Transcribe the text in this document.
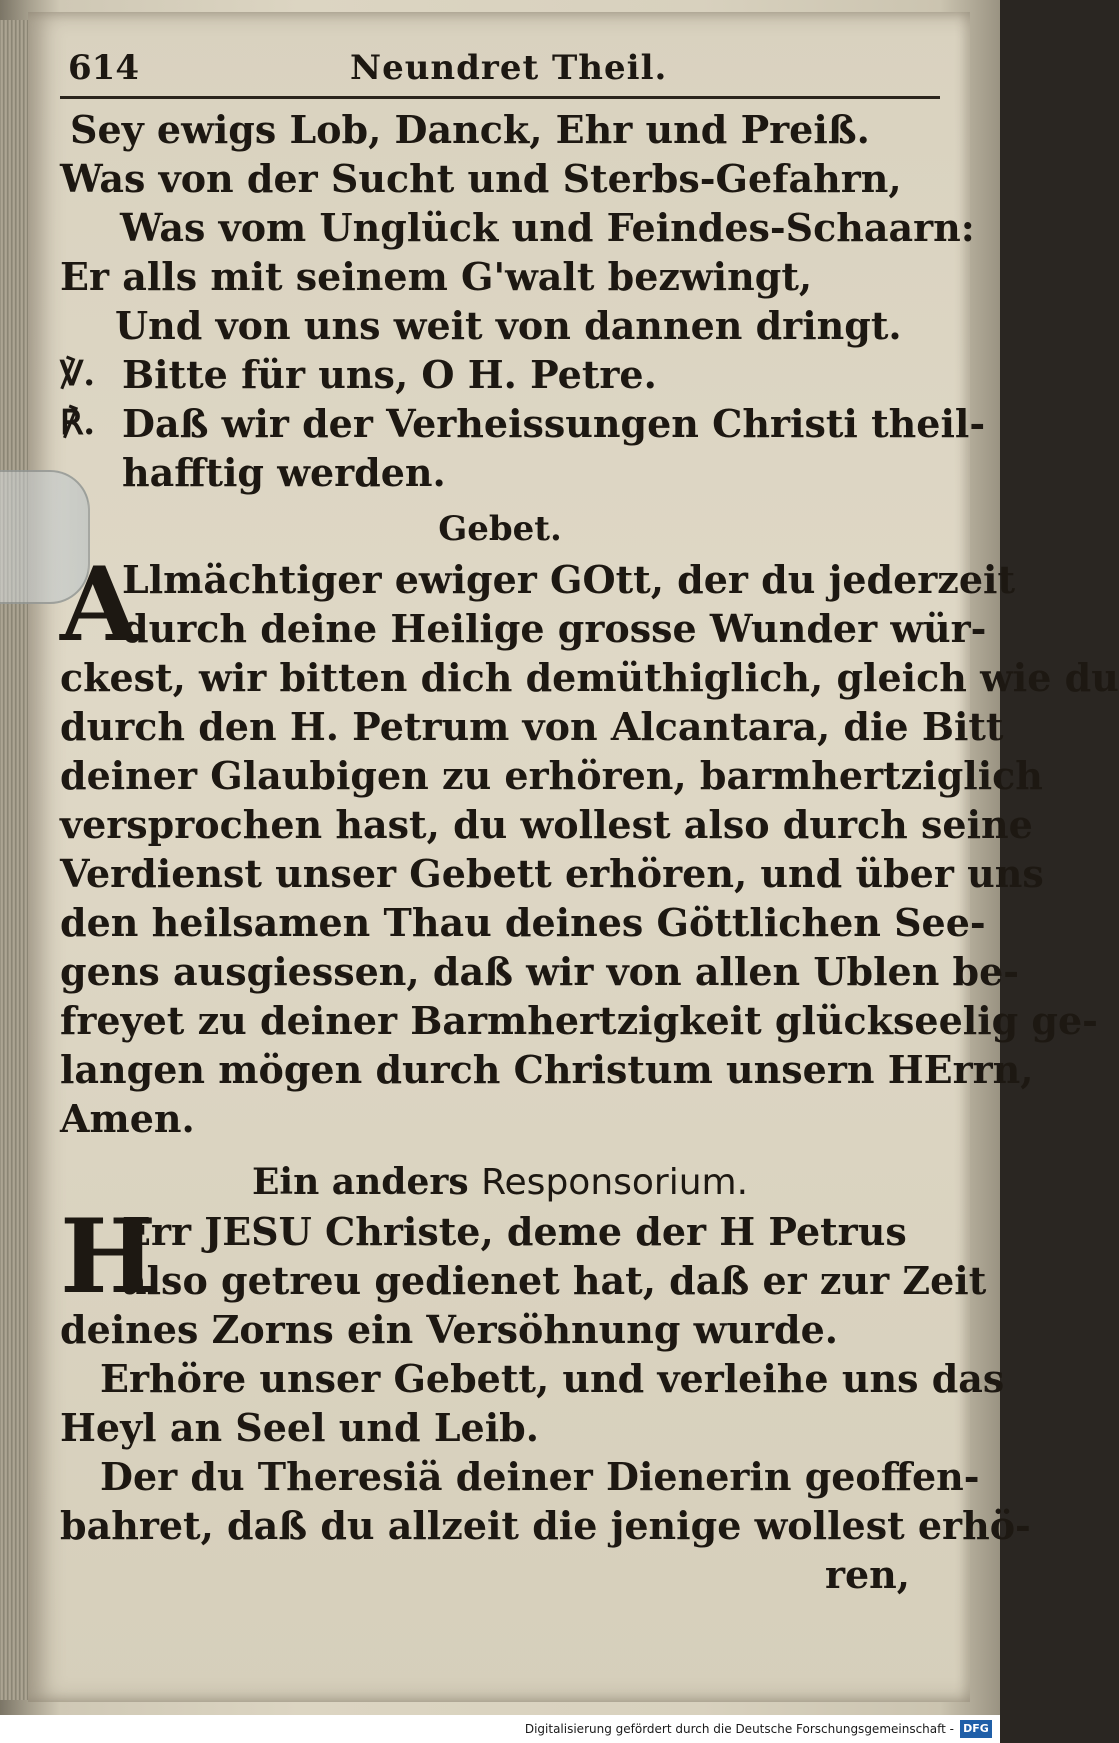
614	Neundret Theil.
Sey ewigs Lob, Danck, Ehr und Preiß.
Was von der Sucht und Sterbs-Gefahrn,
Was vom Unglück und Feindes-Schaarn:
Er alls mit seinem G'walt bezwingt,
Und von uns weit von dannen dringt.
℣. Bitte für uns, O H. Petre.
℟. Daß wir der Verheissungen Christi theil-
hafftig werden.
Gebet.
A
Llmächtiger ewiger GOtt, der du jederzeit
durch deine Heilige grosse Wunder wür-
ckest, wir bitten dich demüthiglich, gleich wie du
durch den H. Petrum von Alcantara, die Bitt
deiner Glaubigen zu erhören, barmhertziglich
versprochen hast, du wollest also durch seine
Verdienst unser Gebett erhören, und über uns
den heilsamen Thau deines Göttlichen See-
gens ausgiessen, daß wir von allen Ublen be-
freyet zu deiner Barmhertzigkeit glückseelig ge-
langen mögen durch Christum unsern HErrn,
Amen.
Ein anders Responsorium.
H
Err JESU Christe, deme der H Petrus
also getreu gedienet hat, daß er zur Zeit
deines Zorns ein Versöhnung wurde.
Erhöre unser Gebett, und verleihe uns das
Heyl an Seel und Leib.
Der du Theresiä deiner Dienerin geoffen-
bahret, daß du allzeit die jenige wollest erhö-
ren,
Digitalisierung gefördert durch die Deutsche Forschungsgemeinschaft - DFG
